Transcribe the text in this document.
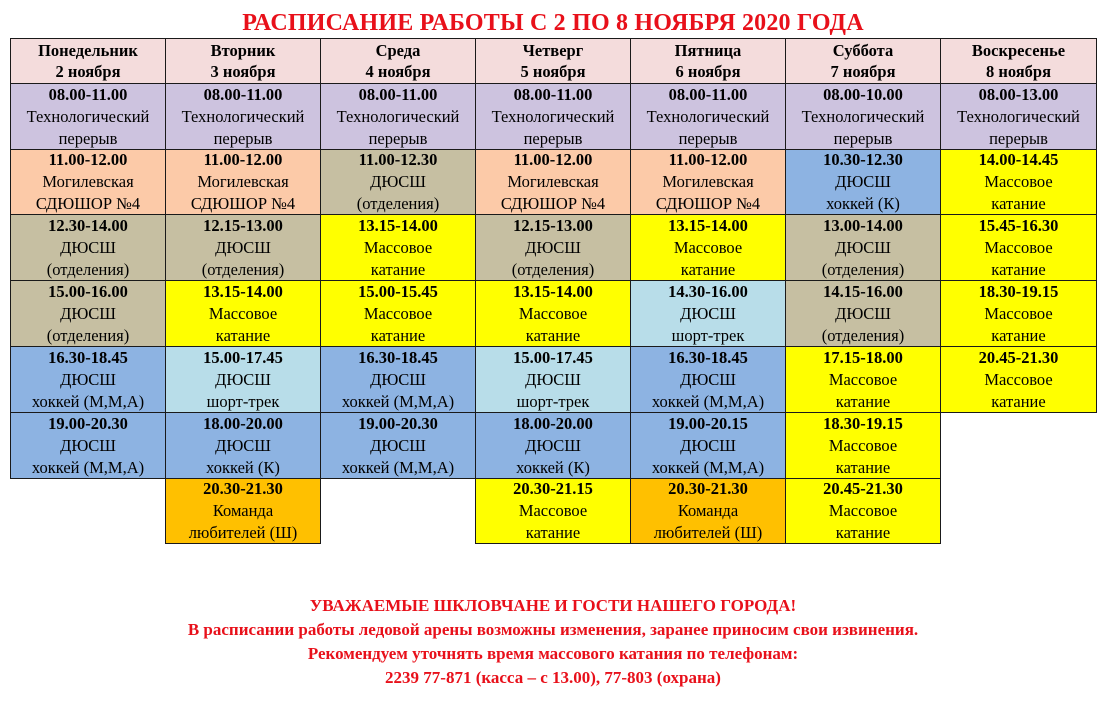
РАСПИСАНИЕ РАБОТЫ С 2 ПО 8 НОЯБРЯ 2020 ГОДА
Понедельник
2 ноября
08.00-11.00
Технологический
перерыв
11.00-12.00
Могилевская
СДЮШОР №4
12.30-14.00
ДЮСШ
(отделения)
15.00-16.00
ДЮСШ
(отделения)
16.30-18.45
ДЮСШ
хоккей (М,М,А)
19.00-20.30
ДЮСШ
хоккей (М,М,А)
Вторник
3 ноября
08.00-11.00
Технологический
перерыв
11.00-12.00
Могилевская
СДЮШОР №4
12.15-13.00
ДЮСШ
(отделения)
13.15-14.00
Массовое
катание
15.00-17.45
ДЮСШ
шорт-трек
18.00-20.00
ДЮСШ
хоккей (К)
20.30-21.30
Команда
любителей (Ш)
Среда
4 ноября
08.00-11.00
Технологический
перерыв
11.00-12.30
ДЮСШ
(отделения)
13.15-14.00
Массовое
катание
15.00-15.45
Массовое
катание
16.30-18.45
ДЮСШ
хоккей (М,М,А)
19.00-20.30
ДЮСШ
хоккей (М,М,А)
Четверг
5 ноября
08.00-11.00
Технологический
перерыв
11.00-12.00
Могилевская
СДЮШОР №4
12.15-13.00
ДЮСШ
(отделения)
13.15-14.00
Массовое
катание
15.00-17.45
ДЮСШ
шорт-трек
18.00-20.00
ДЮСШ
хоккей (К)
20.30-21.15
Массовое
катание
Пятница
6 ноября
08.00-11.00
Технологический
перерыв
11.00-12.00
Могилевская
СДЮШОР №4
13.15-14.00
Массовое
катание
14.30-16.00
ДЮСШ
шорт-трек
16.30-18.45
ДЮСШ
хоккей (М,М,А)
19.00-20.15
ДЮСШ
хоккей (М,М,А)
20.30-21.30
Команда
любителей (Ш)
Суббота
7 ноября
08.00-10.00
Технологический
перерыв
10.30-12.30
ДЮСШ
хоккей (К)
13.00-14.00
ДЮСШ
(отделения)
14.15-16.00
ДЮСШ
(отделения)
17.15-18.00
Массовое
катание
18.30-19.15
Массовое
катание
20.45-21.30
Массовое
катание
Воскресенье
8 ноября
08.00-13.00
Технологический
перерыв
14.00-14.45
Массовое
катание
15.45-16.30
Массовое
катание
18.30-19.15
Массовое
катание
20.45-21.30
Массовое
катание
УВАЖАЕМЫЕ ШКЛОВЧАНЕ И ГОСТИ НАШЕГО ГОРОДА!
В расписании работы ледовой арены возможны изменения, заранее приносим свои извинения.
Рекомендуем уточнять время массового катания по телефонам:
2239 77-871 (касса – с 13.00), 77-803 (охрана)
